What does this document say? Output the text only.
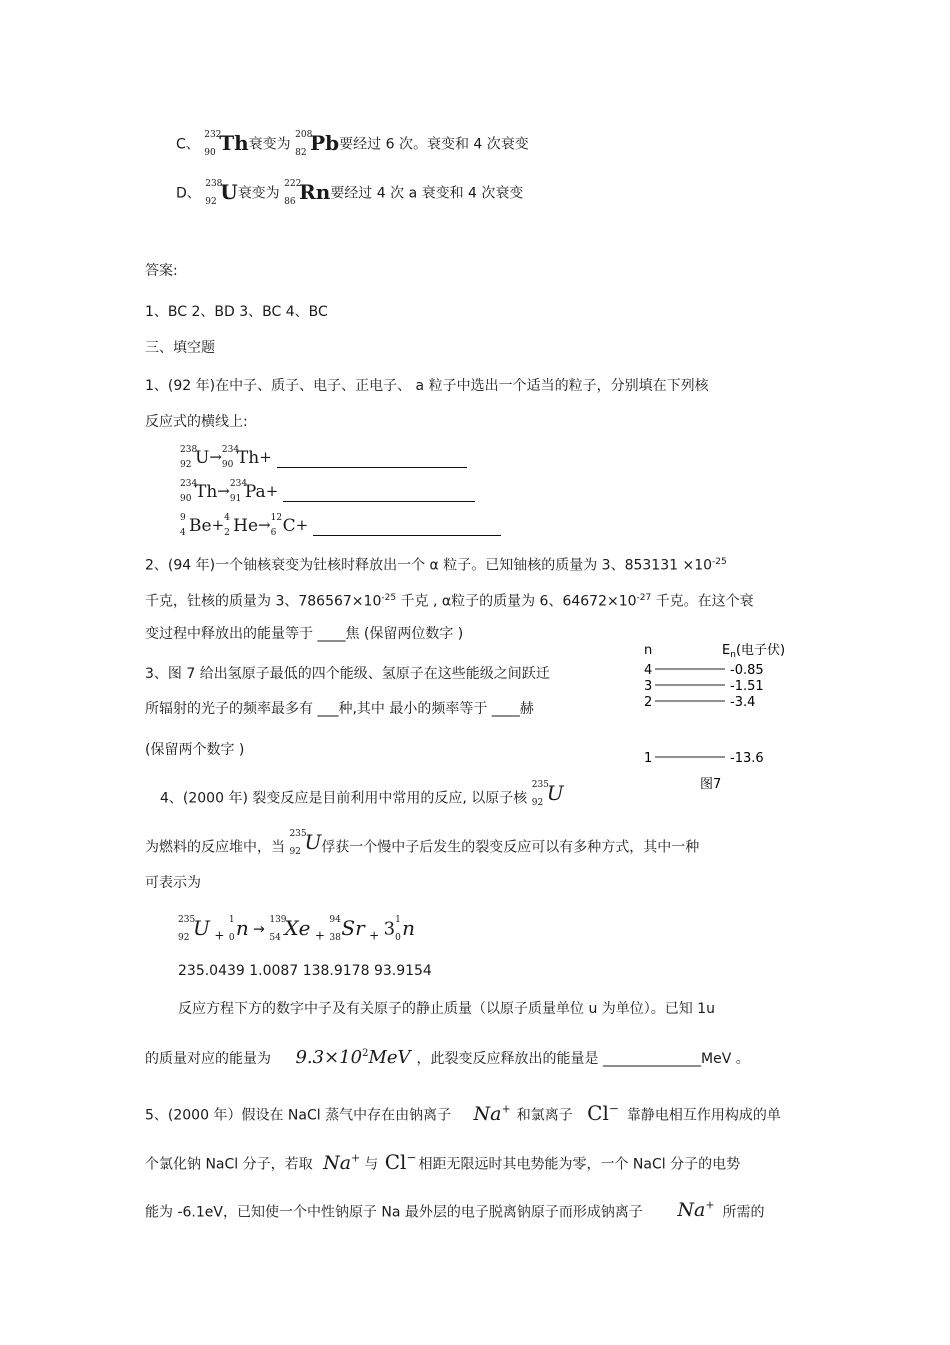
C、
232
90 Th衰变为
208
82 Pb要经过 6 次。衰变和 4 次衰变
D、
238
92 U衰变为
222
86 Rn要经过 4 次 a 衰变和 4 次衰变
答案:
1、BC 2、BD 3、BC 4、BC
三、填空题
1、(92 年)在中子、质子、电子、正电子、 a 粒子中选出一个适当的粒子，分别填在下列核
反应式的横线上:
238
92 U→ 234
90 Th+
234
90 Th→ 234
91 Pa+
9
4 Be+ 4
2 He→ 12
6 C+
2、(94 年)一个铀核衰变为钍核时释放出一个 α 粒子。已知铀核的质量为 3、$853131 \times 10^{-25}$
千克，钍核的质量为 3、$786567\times 10^{-25}$ 千克 , α粒子的质量为 6、$64672\times 10^{-27}$ 千克。在这个衰
变过程中释放出的能量等于 ____焦 (保留两位数字 )
3、图 7 给出氢原子最低的四个能级、氢原子在这些能级之间跃迁
所辐射的光子的频率最多有 ___种,其中 最小的频率等于 ____赫
(保留两个数字 )
n	$E_n$(电子伏)
4	-0.85
3	-1.51
2	-3.4
1	-13.6
图7
4、(2000 年) 裂变反应是目前利用中常用的反应, 以原子核
235
92 U
为燃料的反应堆中，当
235
92 U俘获一个慢中子后发生的裂变反应可以有多种方式，其中一种
可表示为
235
92 U +
1
0 n →
139
54 Xe +
94
38 Sr + 3 1
0 n
235.0439 1.0087 138.9178 93.9154
反应方程下方的数字中子及有关原子的静止质量（以原子质量单位 u 为单位）。已知 1u
的质量对应的能量为 $9.3\times 10^2MeV$ ，此裂变反应释放出的能量是 ______________MeV 。
5、(2000 年）假设在 NaCl 蒸气中存在由钠离子 Na+ 和氯离子 Cl− 靠静电相互作用构成的单
个氯化钠 NaCl 分子，若取 Na+ 与 Cl− 相距无限远时其电势能为零，一个 NaCl 分子的电势
能为 -6.1eV，已知使一个中性钠原子 Na 最外层的电子脱离钠原子而形成钠离子 Na+ 所需的
